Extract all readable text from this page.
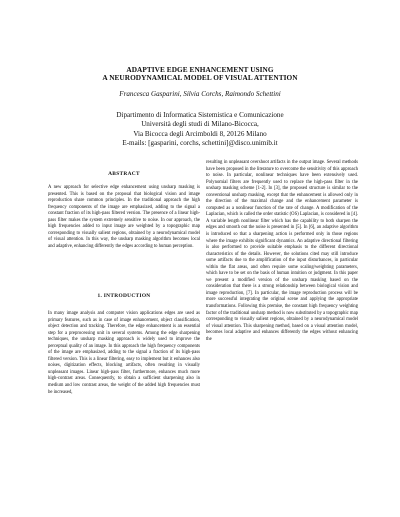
ADAPTIVE EDGE ENHANCEMENT USING
A NEURODYNAMICAL MODEL OF VISUAL ATTENTION
Francesca Gasparini, Silvia Corchs, Raimondo Schettini
Dipartimento di Informatica Sistemistica e Comunicazione
Università degli studi di Milano-Bicocca,
Via Bicocca degli Arcimboldi 8, 20126 Milano
E-mails: [gasparini, corchs, schettini]@disco.unimib.it
ABSTRACT

A new approach for selective edge enhancement using unsharp masking is presented. This is based on the proposal that biological vision and image reproduction share common principles. In the traditional approach the high frequency components of the image are emphasized, adding to the signal a constant fraction of its high-pass filtered version. The presence of a linear high-pass filter makes the system extremely sensitive to noise. In our approach, the high frequencies added to input image are weighted by a topographic map corresponding to visually salient regions, obtained by a neurodynamical model of visual attention. In this way, the unsharp masking algorithm becomes local and adaptive, enhancing differently the edges according to human perception.

1. INTRODUCTION

In many image analysis and computer vision applications edges are used as primary features, such as in case of image enhancement, object classification, object detection and tracking. Therefore, the edge enhancement is an essential step for a preprocessing unit in several systems. Among the edge sharpening techniques, the unsharp masking approach is widely used to improve the perceptual quality of an image. In this approach the high frequency components of the image are emphasized, adding to the signal a fraction of its high-pass filtered version. This is a linear filtering, easy to implement but it enhances also noises, digitization effects, blocking artifacts, often resulting in visually unpleasant images. Linear high-pass filter, furthermore, enhances much more high-contrast areas. Consequently, to obtain a sufficient sharpening also in medium and low contrast areas, the weight of the added high frequencies must be increased,

resulting in unpleasant overshoot artifacts in the output image. Several methods have been proposed in the literature to overcome the sensitivity of this approach to noise. In particular, nonlinear techniques have been extensively used. Polynomial filters are frequently used to replace the high-pass filter in the unsharp masking scheme [1-2]. In [3], the proposed structure is similar to the conventional unsharp masking, except that the enhancement is allowed only in the direction of the maximal change and the enhancement parameter is computed as a nonlinear function of the rate of change. A modification of the Laplacian, which is called the order statistic (OS) Laplacian, is considered in [4]. A variable length nonlinear filter which has the capability to both sharpen the edges and smooth out the noise is presented in [5]. In [6], an adaptive algorithm is introduced so that a sharpening action is performed only in those regions where the image exhibits significant dynamics. An adaptive directional filtering is also performed to provide suitable emphasis to the different directional characteristics of the details. However, the solutions cited may still introduce some artifacts due to the amplification of the input disturbances, in particular within the flat areas, and often require some scaling/weighting parameters, which have to be set on the basis of human intuition or judgment. In this paper we present a modified version of the unsharp masking based on the consideration that there is a strong relationship between biological vision and image reproduction, [7]. In particular, the image reproduction process will be more successful integrating the original scene and applying the appropriate transformations. Following this premise, the constant high frequency weighting factor of the traditional unsharp method is now substituted by a topographic map corresponding to visually salient regions, obtained by a neurodynamical model of visual attention. This sharpening method, based on a visual attention model, becomes local adaptive and enhances differently the edges without enhancing the
